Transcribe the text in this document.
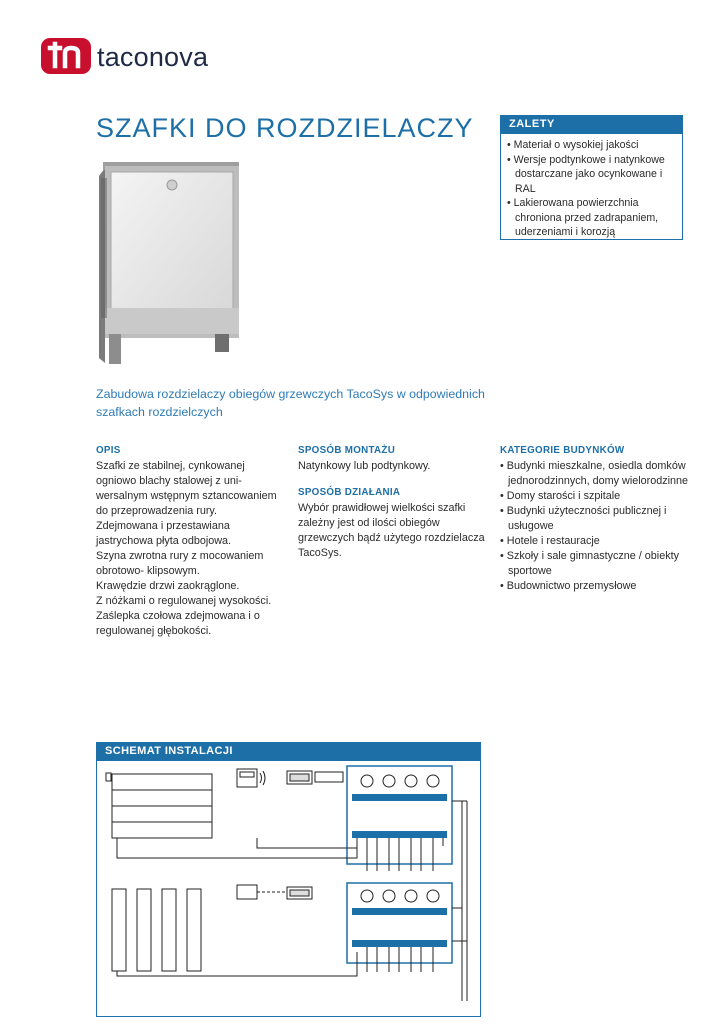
taconova
SZAFKI DO ROZDZIELACZY	ZALETY
• Materiał o wysokiej jakości
• Wersje podtynkowe i natynkowe dostarczane jako ocynkowane i RAL
• Lakierowana powierzchnia chroniona przed zadrapaniem, uderzeniami i korozją
Zabudowa rozdzielaczy obiegów grzewczych TacoSys w odpowiednich szafkach rozdzielczych
OPIS

Szafki ze stabilnej, cynkowanej
ogniowo blachy stalowej z uni-
wersalnym wstępnym sztancowaniem
do przeprowadzenia rury.
Zdejmowana i przestawiana
jastrychowa płyta odbojowa.
Szyna zwrotna rury z mocowaniem
obrotowo- klipsowym.
Krawędzie drzwi zaokrąglone.
Z nóżkami o regulowanej wysokości.
Zaślepka czołowa zdejmowana i o
regulowanej głębokości.

SPOSÓB MONTAŻU

Natynkowy lub podtynkowy.

SPOSÓB DZIAŁANIA

Wybór prawidłowej wielkości szafki
zależny jest od ilości obiegów
grzewczych bądź użytego rozdzielacza
TacoSys.

KATEGORIE BUDYNKÓW
• Budynki mieszkalne, osiedla domków jednorodzinnych, domy wielorodzinne
• Domy starości i szpitale
• Budynki użyteczności publicznej i usługowe
• Hotele i restauracje
• Szkoły i sale gimnastyczne / obiekty sportowe
• Budownictwo przemysłowe
SCHEMAT INSTALACJI
